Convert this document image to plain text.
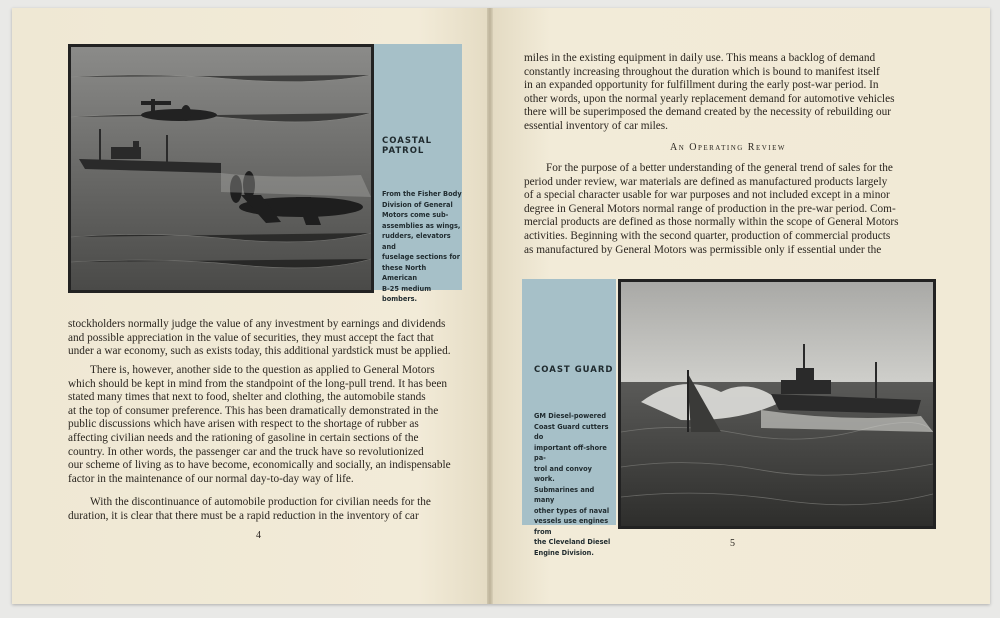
COASTAL PATROL
From the Fisher Body
Division of General
Motors come sub-
assemblies as wings,
rudders, elevators and
fuselage sections for
these North American
B-25 medium bombers.
stockholders normally judge the value of any investment by earnings and dividends
and possible appreciation in the value of securities, they must accept the fact that
under a war economy, such as exists today, this additional yardstick must be applied.
There is, however, another side to the question as applied to General Motors
which should be kept in mind from the standpoint of the long-pull trend. It has been
stated many times that next to food, shelter and clothing, the automobile stands
at the top of consumer preference. This has been dramatically demonstrated in the
public discussions which have arisen with respect to the shortage of rubber as
affecting civilian needs and the rationing of gasoline in certain sections of the
country. In other words, the passenger car and the truck have so revolutionized
our scheme of living as to have become, economically and socially, an indispensable
factor in the maintenance of our normal day-to-day way of life.
With the discontinuance of automobile production for civilian needs for the
duration, it is clear that there must be a rapid reduction in the inventory of car
4
miles in the existing equipment in daily use. This means a backlog of demand
constantly increasing throughout the duration which is bound to manifest itself
in an expanded opportunity for fulfillment during the early post-war period. In
other words, upon the normal yearly replacement demand for automotive vehicles
there will be superimposed the demand created by the necessity of rebuilding our
essential inventory of car miles.
An Operating Review
For the purpose of a better understanding of the general trend of sales for the
period under review, war materials are defined as manufactured products largely
of a special character usable for war purposes and not included except in a minor
degree in General Motors normal range of production in the pre-war period. Com-
mercial products are defined as those normally within the scope of General Motors
activities. Beginning with the second quarter, production of commercial products
as manufactured by General Motors was permissible only if essential under the
COAST GUARD
GM Diesel-powered
Coast Guard cutters do
important off-shore pa-
trol and convoy work.
Submarines and many
other types of naval
vessels use engines from
the Cleveland Diesel
Engine Division.
5
